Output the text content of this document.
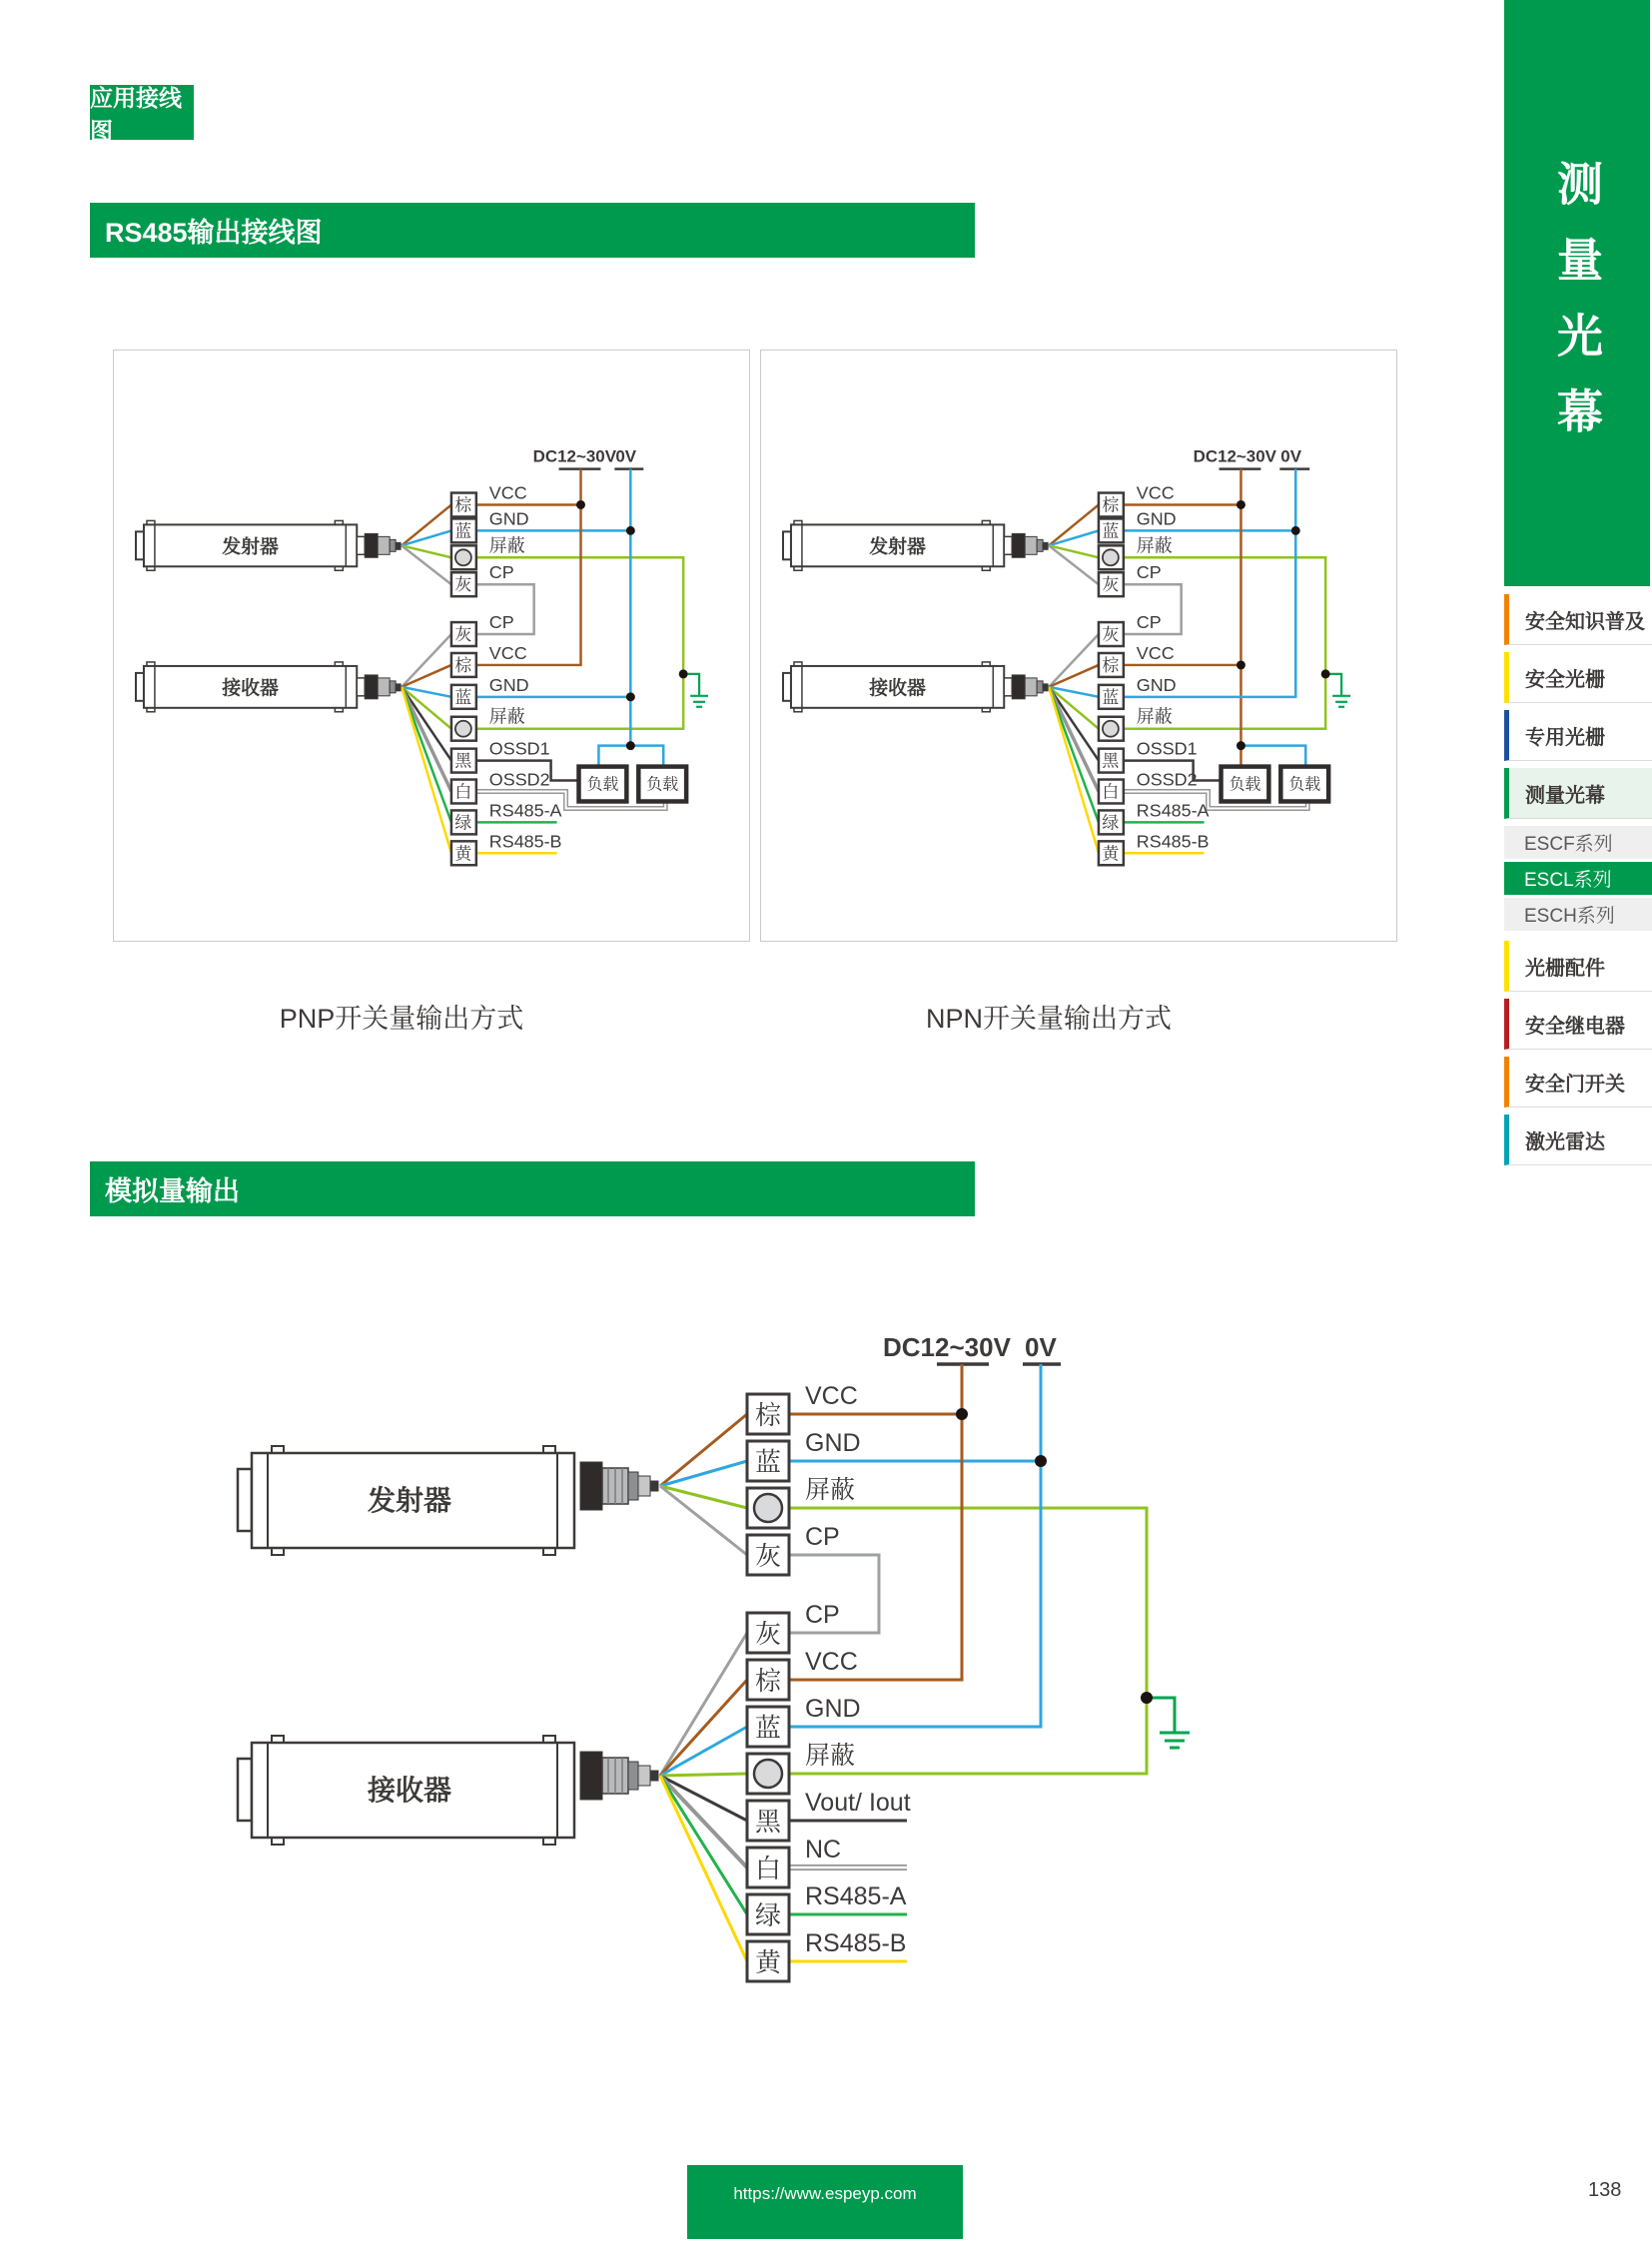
应用接线图
RS485输出接线图
DC12~30V 0V
发射器
接收器
棕
蓝
灰
VCC
GND
屏蔽
CP
灰
棕
蓝
黑
白
绿
黄
CP
VCC
GND
屏蔽
OSSD1
OSSD2
RS485-A
RS485-B
负载 负载
DC12~30V 0V
发射器
接收器
棕
蓝
灰
VCC
GND
屏蔽
CP
灰
棕
蓝
黑
白
绿
黄
CP
VCC
GND
屏蔽
OSSD1
OSSD2
RS485-A
RS485-B
负载 负载
PNP开关量输出方式	NPN开关量输出方式
模拟量输出
DC12~30V 0V
发射器
接收器
棕
蓝
灰
VCC
GND
屏蔽
CP
灰
棕
蓝
黑
白
绿
黄
CP
VCC
GND
屏蔽
Vout/ Iout
NC
RS485-A
RS485-B
测量光幕
安全知识普及
安全光栅
专用光栅
测量光幕
ESCF系列
ESCL系列
ESCH系列
光栅配件
安全继电器
安全门开关
激光雷达
https://www.espeyp.com	138
